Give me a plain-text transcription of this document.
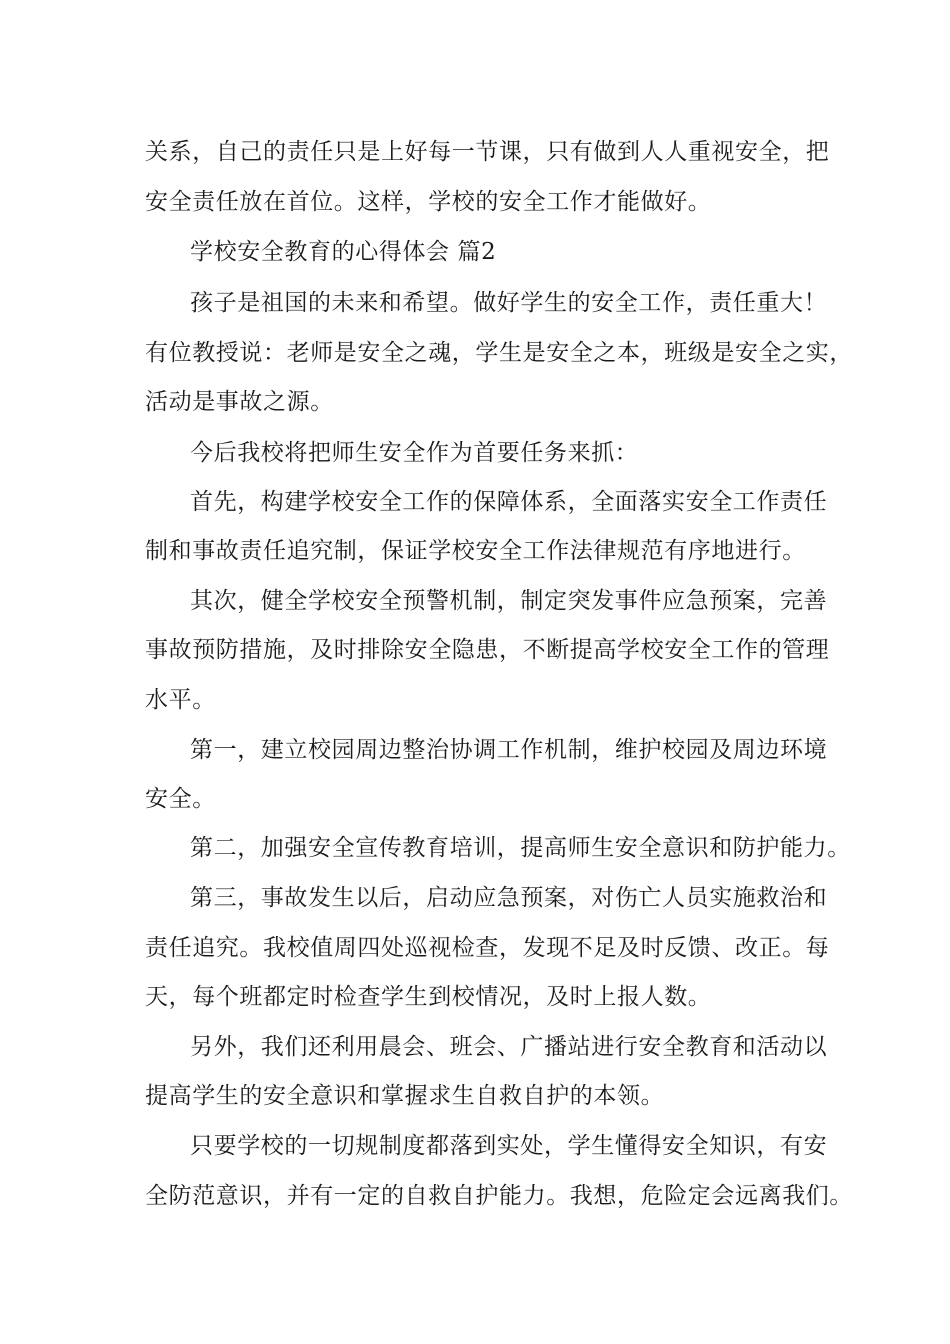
关系，自己的责任只是上好每一节课，只有做到人人重视安全，把
安全责任放在首位。这样，学校的安全工作才能做好。
学校安全教育的心得体会 篇2
孩子是祖国的未来和希望。做好学生的安全工作，责任重大！
有位教授说：老师是安全之魂，学生是安全之本，班级是安全之实，
活动是事故之源。
今后我校将把师生安全作为首要任务来抓：
首先，构建学校安全工作的保障体系，全面落实安全工作责任
制和事故责任追究制，保证学校安全工作法律规范有序地进行。
其次，健全学校安全预警机制，制定突发事件应急预案，完善
事故预防措施，及时排除安全隐患，不断提高学校安全工作的管理
水平。
第一，建立校园周边整治协调工作机制，维护校园及周边环境
安全。
第二，加强安全宣传教育培训，提高师生安全意识和防护能力。
第三，事故发生以后，启动应急预案，对伤亡人员实施救治和
责任追究。我校值周四处巡视检查，发现不足及时反馈、改正。每
天，每个班都定时检查学生到校情况，及时上报人数。
另外，我们还利用晨会、班会、广播站进行安全教育和活动以
提高学生的安全意识和掌握求生自救自护的本领。
只要学校的一切规制度都落到实处，学生懂得安全知识，有安
全防范意识，并有一定的自救自护能力。我想，危险定会远离我们。
